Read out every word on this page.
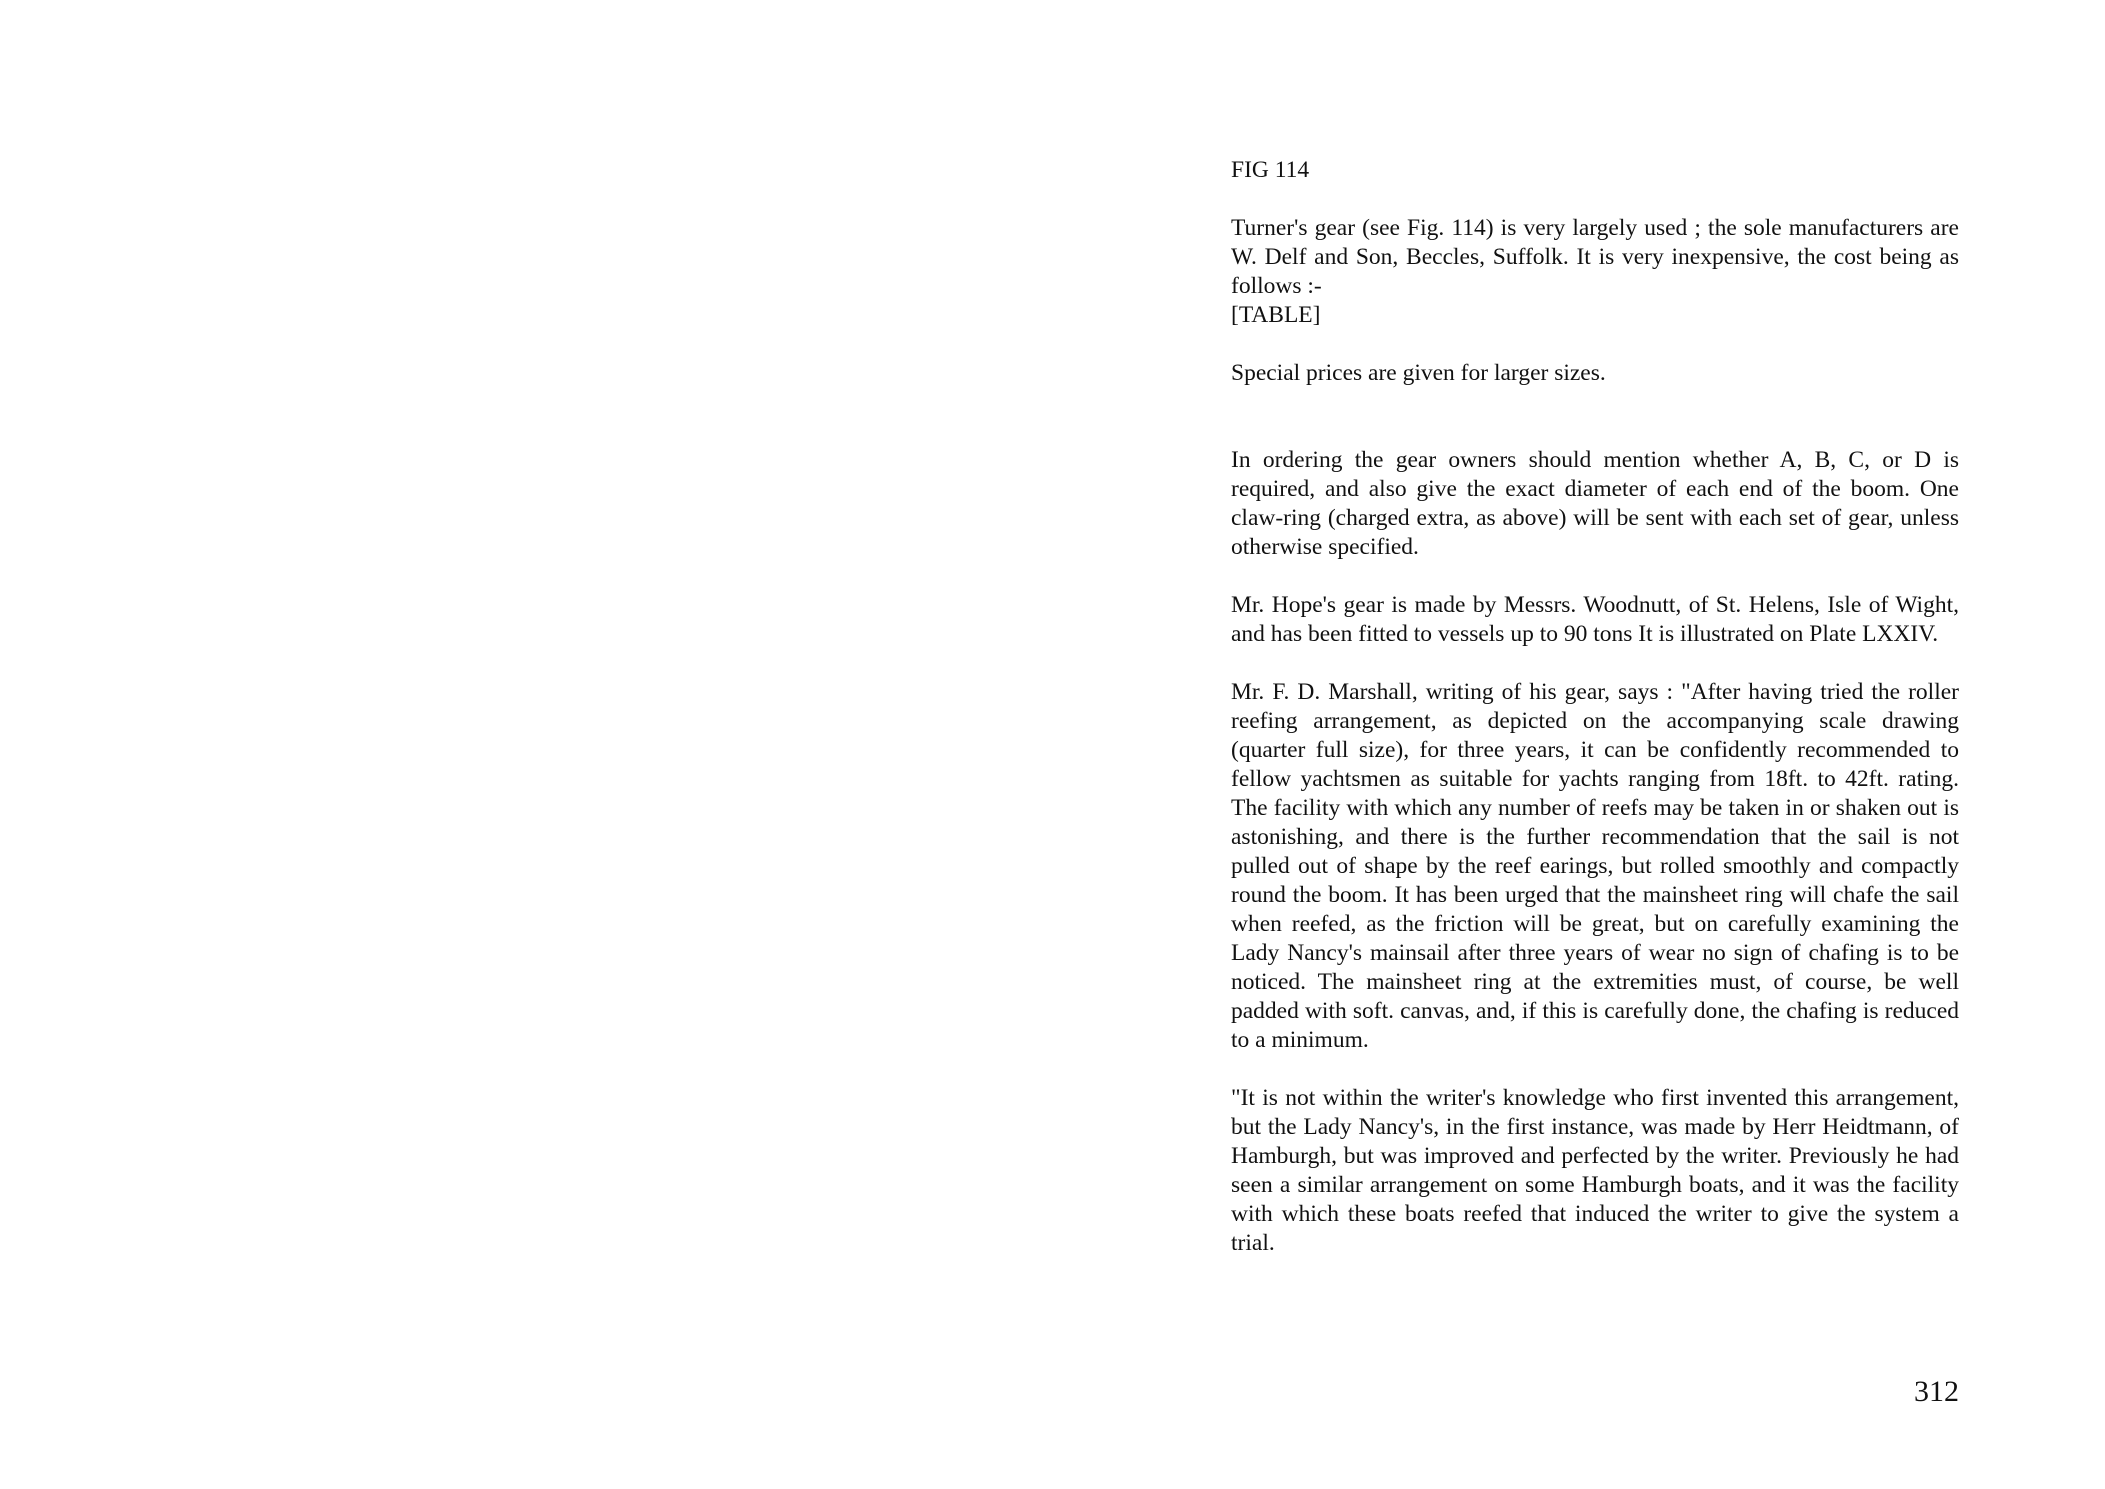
FIG 114

Turner's gear (see Fig. 114) is very largely used ; the sole manufacturers are W. Delf and Son, Beccles, Suffolk. It is very inexpensive, the cost being as follows :-

[TABLE]

Special prices are given for larger sizes.

In ordering the gear owners should mention whether A, B, C, or D is required, and also give the exact diameter of each end of the boom. One claw-ring (charged extra, as above) will be sent with each set of gear, unless otherwise specified.

Mr. Hope's gear is made by Messrs. Woodnutt, of St. Helens, Isle of Wight, and has been fitted to vessels up to 90 tons It is illustrated on Plate LXXIV.

Mr. F. D. Marshall, writing of his gear, says : "After having tried the roller reefing arrangement, as depicted on the accompanying scale drawing (quarter full size), for three years, it can be confidently recommended to fellow yachtsmen as suitable for yachts ranging from 18ft. to 42ft. rating. The facility with which any number of reefs may be taken in or shaken out is astonishing, and there is the further recommendation that the sail is not pulled out of shape by the reef earings, but rolled smoothly and compactly round the boom. It has been urged that the mainsheet ring will chafe the sail when reefed, as the friction will be great, but on carefully examining the Lady Nancy's mainsail after three years of wear no sign of chafing is to be noticed. The mainsheet ring at the extremities must, of course, be well padded with soft. canvas, and, if this is carefully done, the chafing is reduced to a minimum.

"It is not within the writer's knowledge who first invented this arrangement, but the Lady Nancy's, in the first instance, was made by Herr Heidtmann, of Hamburgh, but was improved and perfected by the writer. Previously he had seen a similar arrangement on some Hamburgh boats, and it was the facility with which these boats reefed that induced the writer to give the system a trial.

312
